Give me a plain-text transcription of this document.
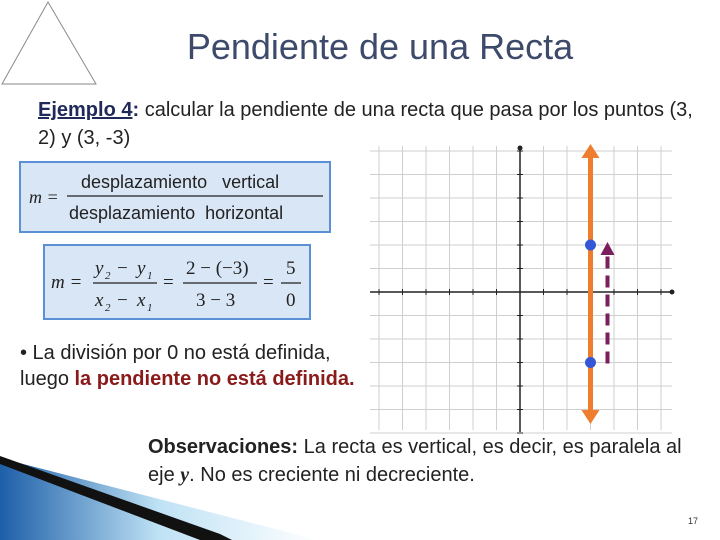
Pendiente de una Recta
Ejemplo 4: calcular la pendiente de una recta que pasa por los puntos (3, 2) y (3, -3)
m =
desplazamiento   vertical
desplazamiento  horizontal
m =
y 2 − y 1
x 2 − x 1
=
2 − (−3)
3 − 3
=
5
0
• La división por 0 no está definida, luego la pendiente no está definida.
Observaciones: La recta es vertical, es decir, es paralela al eje y. No es creciente ni decreciente.
17
